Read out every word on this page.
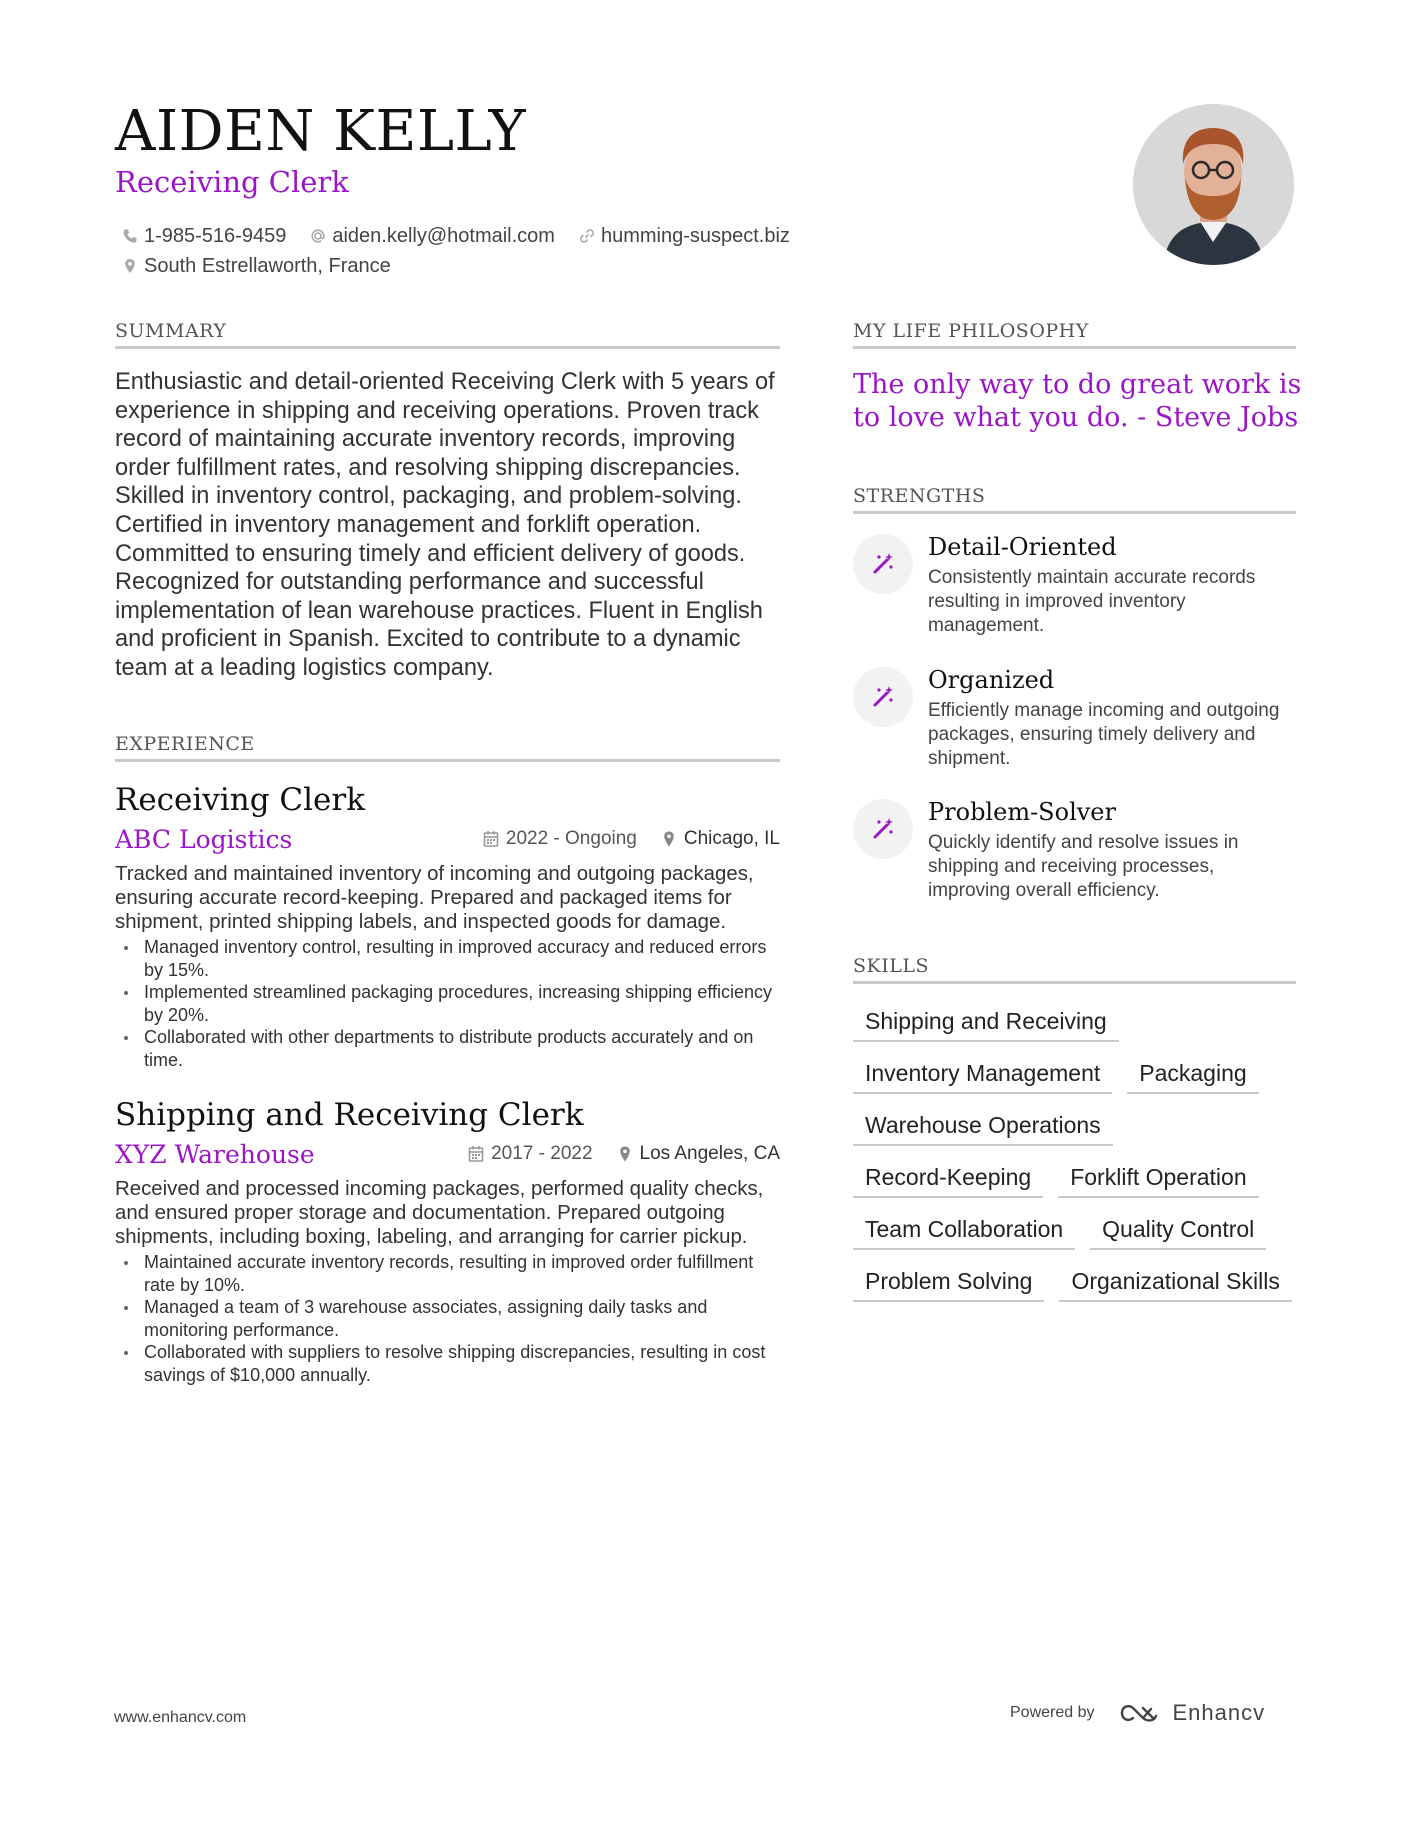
AIDEN KELLY
Receiving Clerk
1-985-516-9459 aiden.kelly@hotmail.com humming-suspect.biz
South Estrellaworth, France
SUMMARY

Enthusiastic and detail-oriented Receiving Clerk with 5 years of experience in shipping and receiving operations. Proven track record of maintaining accurate inventory records, improving order fulfillment rates, and resolving shipping discrepancies. Skilled in inventory control, packaging, and problem-solving. Certified in inventory management and forklift operation. Committed to ensuring timely and efficient delivery of goods. Recognized for outstanding performance and successful implementation of lean warehouse practices. Fluent in English and proficient in Spanish. Excited to contribute to a dynamic team at a leading logistics company.

EXPERIENCE
Receiving Clerk
ABC Logistics	2022 - Ongoing Chicago, IL

Tracked and maintained inventory of incoming and outgoing packages, ensuring accurate record-keeping. Prepared and packaged items for shipment, printed shipping labels, and inspected goods for damage.

Managed inventory control, resulting in improved accuracy and reduced errors by 15%.
Implemented streamlined packaging procedures, increasing shipping efficiency by 20%.
Collaborated with other departments to distribute products accurately and on time.
Shipping and Receiving Clerk
XYZ Warehouse	2017 - 2022 Los Angeles, CA

Received and processed incoming packages, performed quality checks, and ensured proper storage and documentation. Prepared outgoing shipments, including boxing, labeling, and arranging for carrier pickup.

Maintained accurate inventory records, resulting in improved order fulfillment rate by 10%.
Managed a team of 3 warehouse associates, assigning daily tasks and monitoring performance.
Collaborated with suppliers to resolve shipping discrepancies, resulting in cost savings of $10,000 annually.
MY LIFE PHILOSOPHY

The only way to do great work is to love what you do. - Steve Jobs

STRENGTHS
Detail-Oriented

Consistently maintain accurate records resulting in improved inventory management.

Organized

Efficiently manage incoming and outgoing packages, ensuring timely delivery and shipment.

Problem-Solver

Quickly identify and resolve issues in shipping and receiving processes, improving overall efficiency.

SKILLS
Shipping and Receiving
Inventory Management	Packaging
Warehouse Operations
Record-Keeping	Forklift Operation
Team Collaboration	Quality Control
Problem Solving	Organizational Skills
www.enhancv.com	Powered by	Enhancv
